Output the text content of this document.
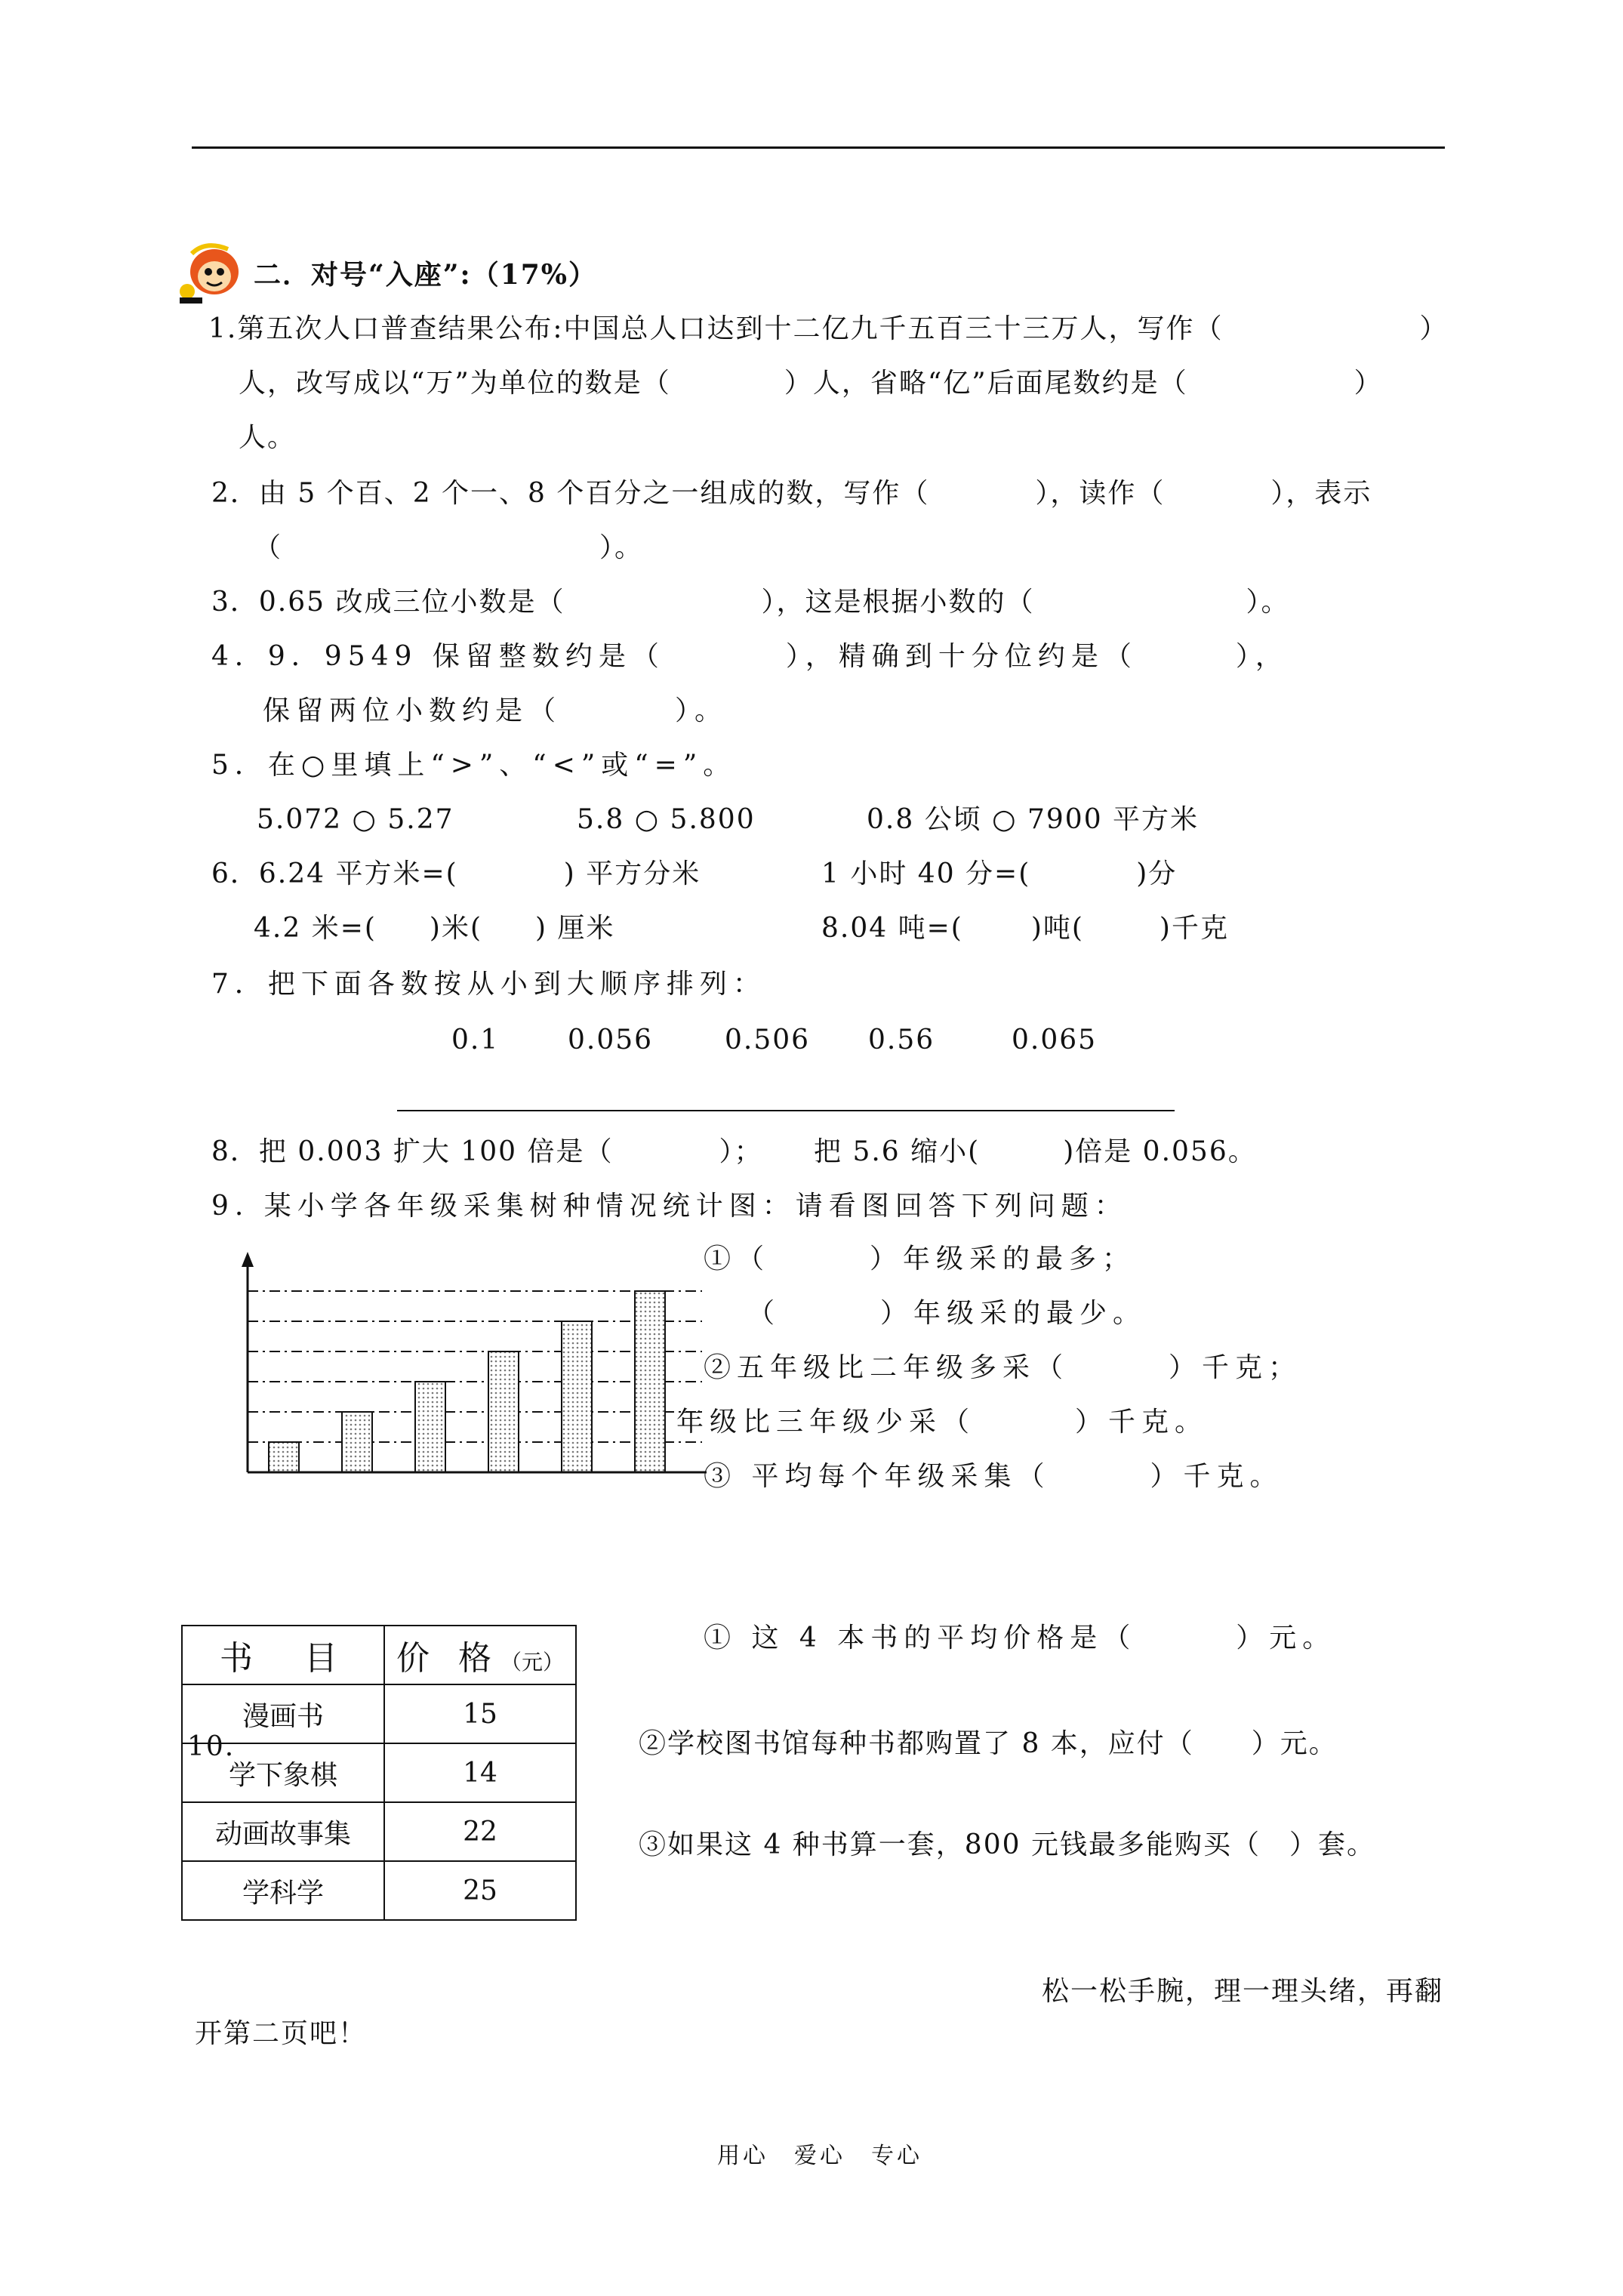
二．对号“入座”:（17%）
1.第五次人口普查结果公布:中国总人口达到十二亿九千五百三十三万人，写作（	）
人，改写成以“万”为单位的数是（	）人，省略“亿”后面尾数约是（	）
人。
2．由 5 个百、2 个一、8 个百分之一组成的数，写作（	），读作（	），表示
（	）。
3．0.65 改成三位小数是（	），这是根据小数的（	）。
4．9．9549 保留整数约是（	），精确到十分位约是（	），
保留两位小数约是（	）。
5．在○里填上“>”、“<”或“=”。
5.072 ○ 5.27	5.8 ○ 5.800	0.8 公顷 ○ 7900 平方米
6．6.24 平方米=(	) 平方分米	1 小时 40 分=(	)分
4.2 米=( )米( ) 厘米	8.04 吨=(	)吨(	)千克
7．把下面各数按从小到大顺序排列：
0.1	0.056	0.506 0.56	0.065
8．把 0.003 扩大 100 倍是（	）； 把 5.6 缩小(	)倍是 0.056。
9. 某小学各年级采集树种情况统计图：请看图回答下列问题：
①（　　　）年级采的最多；
（　　　）年级采的最少。
②五年级比二年级多采（　　　）千克；
年级比三年级少采（　　　）千克。
③ 平均每个年级采集（　　　）千克。
书　目	价 格（元）
漫画书	15
学下象棋	14
动画故事集	22
学科学	25
10.
① 这 4 本书的平均价格是（　　　）元。
②学校图书馆每种书都购置了 8 本，应付（　　）元。
③如果这 4 种书算一套，800 元钱最多能购买（　）套。
松一松手腕，理一理头绪，再翻
开第二页吧！
用心　爱心　专心
